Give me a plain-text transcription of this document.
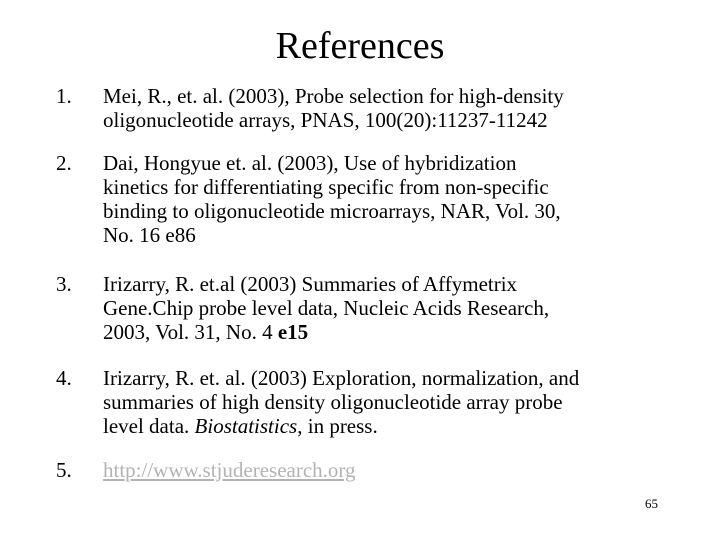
References
1. Mei, R., et. al. (2003), Probe selection for high-density
oligonucleotide arrays, PNAS, 100(20):11237-11242
2. Dai, Hongyue et. al. (2003), Use of hybridization
kinetics for differentiating specific from non-specific
binding to oligonucleotide microarrays, NAR, Vol. 30,
No. 16 e86
3. Irizarry, R. et.al (2003) Summaries of Affymetrix
Gene.Chip probe level data, Nucleic Acids Research,
2003, Vol. 31, No. 4 e15
4. Irizarry, R. et. al. (2003) Exploration, normalization, and
summaries of high density oligonucleotide array probe
level data. Biostatistics, in press.
5. http://www.stjuderesearch.org
65
